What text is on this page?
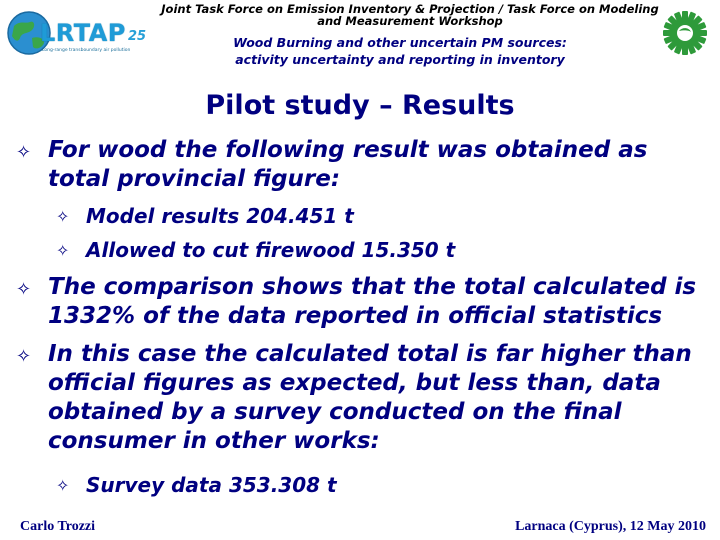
LRTAP 25
Long-range transboundary air pollution
Joint Task Force on Emission Inventory & Projection / Task Force on Modeling and Measurement Workshop
Wood Burning and other uncertain PM sources:
activity uncertainty and reporting in inventory
Pilot study – Results
✧ For wood the following result was obtained as
total provincial figure:
✧ Model results 204.451 t
✧ Allowed to cut firewood 15.350 t
✧ The comparison shows that the total calculated is
1332% of the data reported in official statistics
✧ In this case the calculated total is far higher than
official figures as expected, but less than, data
obtained by a survey conducted on the final
consumer in other works:
✧ Survey data 353.308 t
Carlo Trozzi	Larnaca (Cyprus), 12 May 2010
